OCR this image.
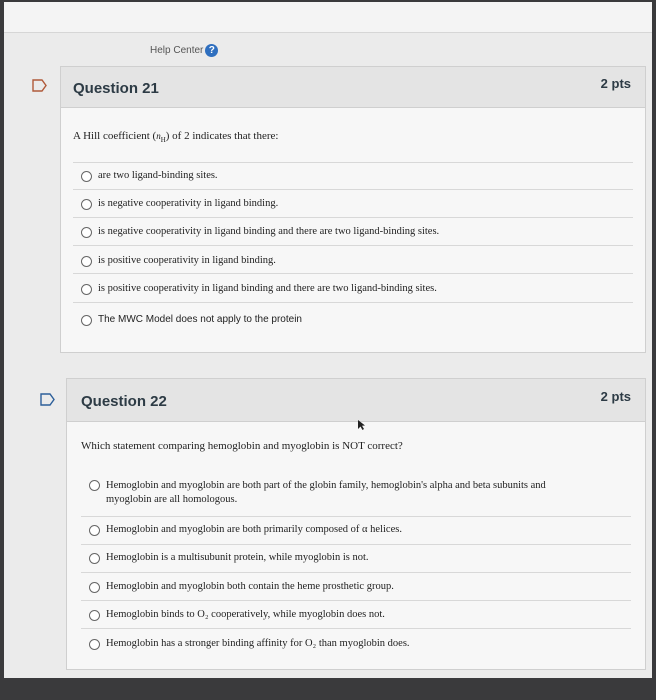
Help Center ?
Question 21	2 pts
A Hill coefficient $(n_H)$ of 2 indicates that there:
are two ligand-binding sites.
is negative cooperativity in ligand binding.
is negative cooperativity in ligand binding and there are two ligand-binding sites.
is positive cooperativity in ligand binding.
is positive cooperativity in ligand binding and there are two ligand-binding sites.
The MWC Model does not apply to the protein
Question 22	2 pts
Which statement comparing hemoglobin and myoglobin is NOT correct?
Hemoglobin and myoglobin are both part of the globin family, hemoglobin's alpha and beta subunits and myoglobin are all homologous.
Hemoglobin and myoglobin are both primarily composed of α helices.
Hemoglobin is a multisubunit protein, while myoglobin is not.
Hemoglobin and myoglobin both contain the heme prosthetic group.
Hemoglobin binds to O₂ cooperatively, while myoglobin does not.
Hemoglobin has a stronger binding affinity for O₂ than myoglobin does.
